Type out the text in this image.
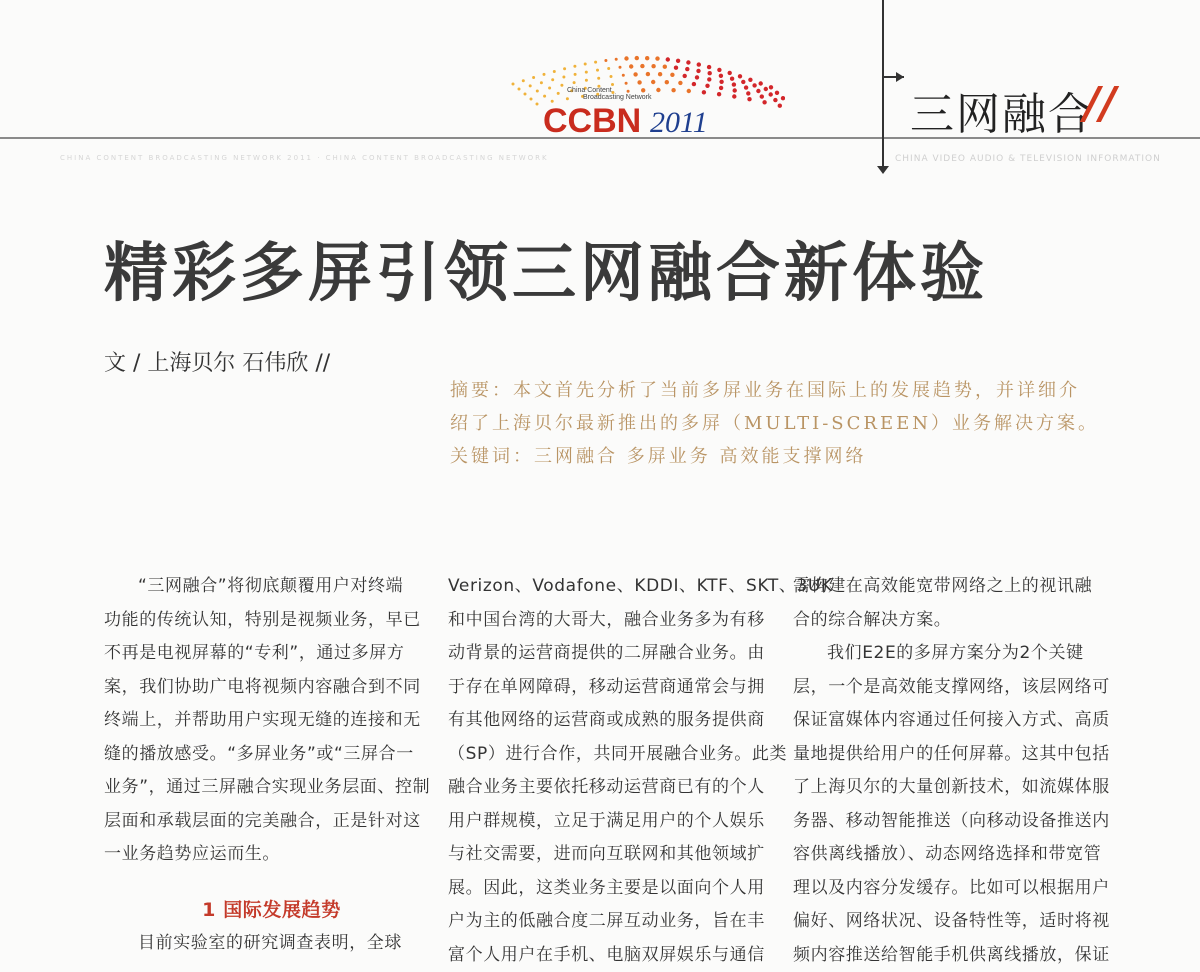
CHINA CONTENT BROADCASTING NETWORK 2011 · CHINA CONTENT BROADCASTING NETWORK	CHINA VIDEO AUDIO & TELEVISION INFORMATION
三网融合
//
China Content
Broadcasting Network
CCBN 2011
精彩多屏引领三网融合新体验
文 / 上海贝尔 石伟欣 //
摘要：本文首先分析了当前多屏业务在国际上的发展趋势，并详细介
绍了上海贝尔最新推出的多屏（MULTI-SCREEN）业务解决方案。
关键词：三网融合 多屏业务 高效能支撑网络

“三网融合”将彻底颠覆用户对终端
功能的传统认知，特别是视频业务，早已
不再是电视屏幕的“专利”，通过多屏方
案，我们协助广电将视频内容融合到不同
终端上，并帮助用户实现无缝的连接和无
缝的播放感受。“多屏业务”或“三屏合一
业务”，通过三屏融合实现业务层面、控制
层面和承载层面的完美融合，正是针对这
一业务趋势应运而生。

1 国际发展趋势

目前实验室的研究调查表明，全球

Verizon、Vodafone、KDDI、KTF、SKT、3UK
和中国台湾的大哥大，融合业务多为有移
动背景的运营商提供的二屏融合业务。由
于存在单网障碍，移动运营商通常会与拥
有其他网络的运营商或成熟的服务提供商
（SP）进行合作，共同开展融合业务。此类
融合业务主要依托移动运营商已有的个人
用户群规模，立足于满足用户的个人娱乐
与社交需要，进而向互联网和其他领域扩
展。因此，这类业务主要是以面向个人用
户为主的低融合度二屏互动业务，旨在丰
富个人用户在手机、电脑双屏娱乐与通信

需构建在高效能宽带网络之上的视讯融
合的综合解决方案。

我们E2E的多屏方案分为2个关键
层，一个是高效能支撑网络，该层网络可
保证富媒体内容通过任何接入方式、高质
量地提供给用户的任何屏幕。这其中包括
了上海贝尔的大量创新技术，如流媒体服
务器、移动智能推送（向移动设备推送内
容供离线播放）、动态网络选择和带宽管
理以及内容分发缓存。比如可以根据用户
偏好、网络状况、设备特性等，适时将视
频内容推送给智能手机供离线播放，保证
